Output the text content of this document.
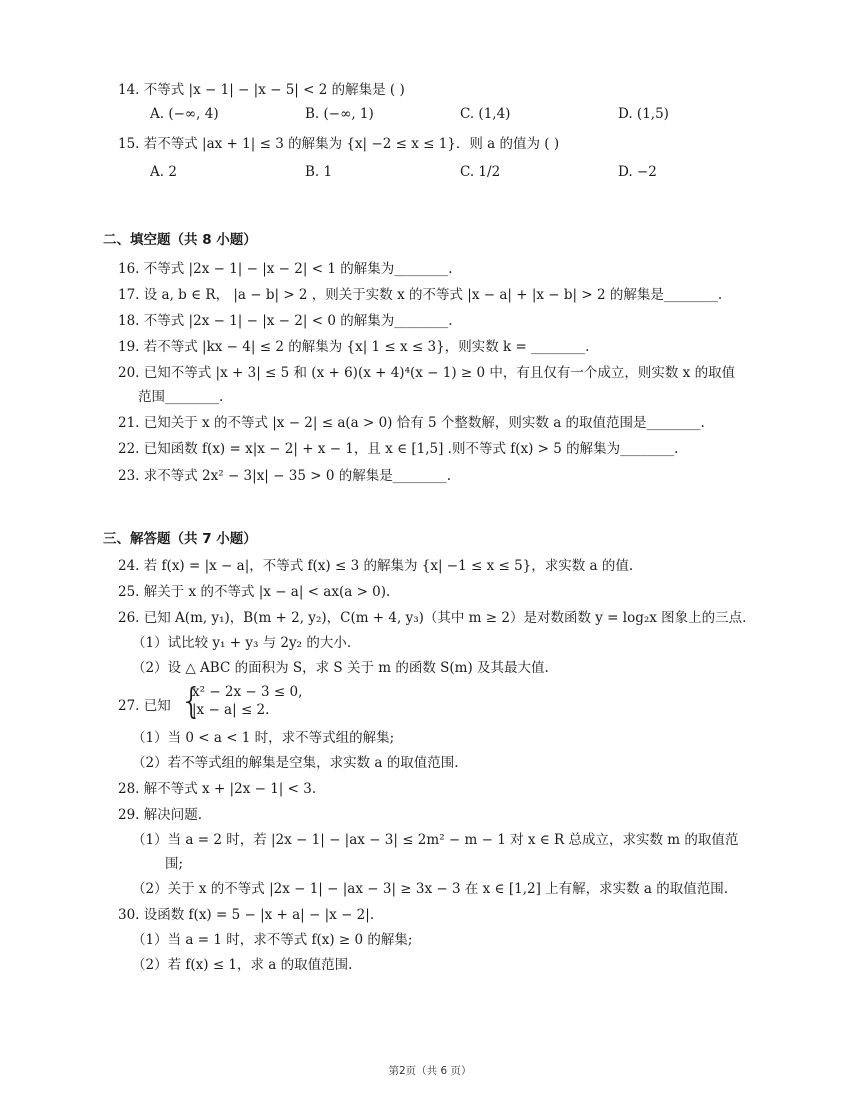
14. 不等式 |x − 1| − |x − 5| < 2 的解集是 ( )
A. (−∞, 4)	B. (−∞, 1)	C. (1,4)	D. (1,5)
15. 若不等式 |ax + 1| ≤ 3 的解集为 {x| −2 ≤ x ≤ 1}．则 a 的值为 ( )
A. 2	B. 1	C. 1/2	D. −2
二、填空题（共 8 小题）
16. 不等式 |2x − 1| − |x − 2| < 1 的解集为________.
17. 设 a, b ∈ R， |a − b| > 2 ，则关于实数 x 的不等式 |x − a| + |x − b| > 2 的解集是________.
18. 不等式 |2x − 1| − |x − 2| < 0 的解集为________.
19. 若不等式 |kx − 4| ≤ 2 的解集为 {x| 1 ≤ x ≤ 3}，则实数 k = ________.
20. 已知不等式 |x + 3| ≤ 5 和 (x + 6)(x + 4)⁴(x − 1) ≥ 0 中，有且仅有一个成立，则实数 x 的取值
范围________.
21. 已知关于 x 的不等式 |x − 2| ≤ a(a > 0) 恰有 5 个整数解，则实数 a 的取值范围是________.
22. 已知函数 f(x) = x|x − 2| + x − 1，且 x ∈ [1,5] .则不等式 f(x) > 5 的解集为________.
23. 求不等式 2x² − 3|x| − 35 > 0 的解集是________.
三、解答题（共 7 小题）
24. 若 f(x) = |x − a|，不等式 f(x) ≤ 3 的解集为 {x| −1 ≤ x ≤ 5}，求实数 a 的值.
25. 解关于 x 的不等式 |x − a| < ax(a > 0).
26. 已知 A(m, y₁)，B(m + 2, y₂)，C(m + 4, y₃)（其中 m ≥ 2）是对数函数 y = log₂x 图象上的三点.
（1）试比较 y₁ + y₃ 与 2y₂ 的大小.
（2）设 △ ABC 的面积为 S，求 S 关于 m 的函数 S(m) 及其最大值.
27. 已知 {
x² − 2x − 3 ≤ 0,
|x − a| ≤ 2.
（1）当 0 < a < 1 时，求不等式组的解集;
（2）若不等式组的解集是空集，求实数 a 的取值范围.
28. 解不等式 x + |2x − 1| < 3.
29. 解决问题.
（1）当 a = 2 时，若 |2x − 1| − |ax − 3| ≤ 2m² − m − 1 对 x ∈ R 总成立，求实数 m 的取值范
围;
（2）关于 x 的不等式 |2x − 1| − |ax − 3| ≥ 3x − 3 在 x ∈ [1,2] 上有解，求实数 a 的取值范围.
30. 设函数 f(x) = 5 − |x + a| − |x − 2|.
（1）当 a = 1 时，求不等式 f(x) ≥ 0 的解集;
（2）若 f(x) ≤ 1，求 a 的取值范围.
第2页（共 6 页）
